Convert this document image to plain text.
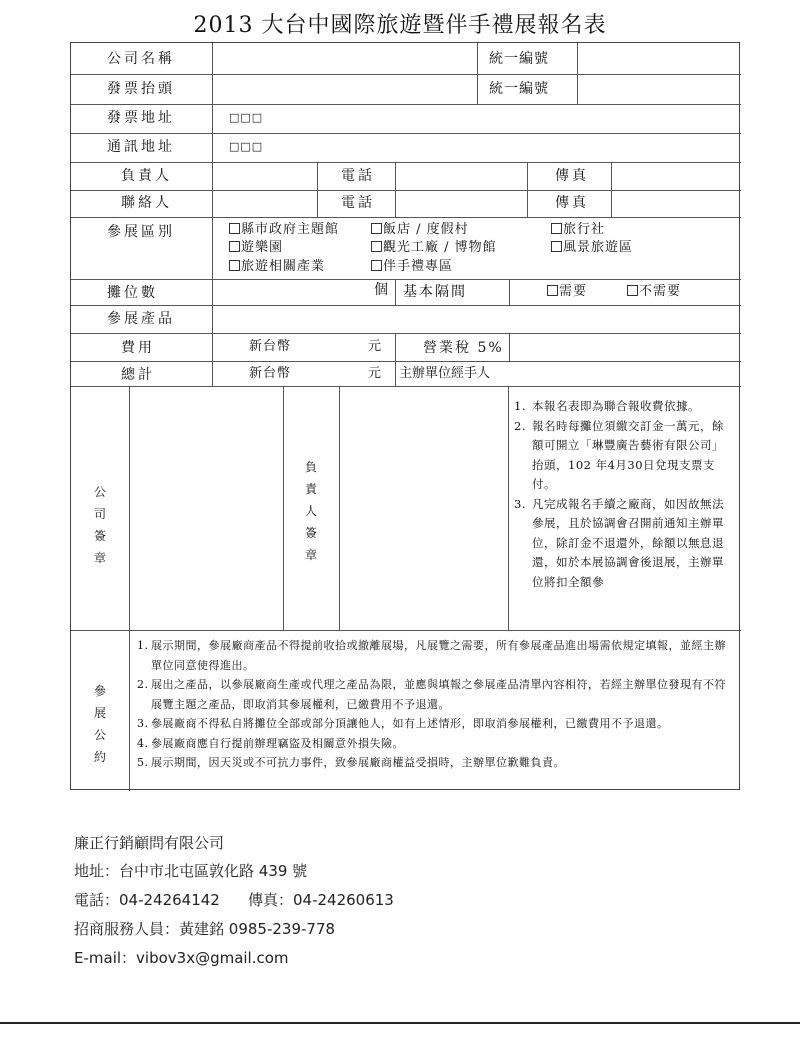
2013 大台中國際旅遊暨伴手禮展報名表
公司名稱	統一編號
發票抬頭	統一編號
發票地址	□□□
通訊地址	□□□
負責人	電話	傳真
聯絡人	電話	傳真
參展區別	縣市政府主題館	飯店 / 度假村	旅行社
遊樂園	觀光工廠 / 博物館	風景旅遊區
旅遊相關產業	伴手禮專區
攤位數	個 基本隔間	需要	不需要
參展產品
費用	新台幣	元	營業稅 5%
總計	新台幣	元 主辦單位經手人
公司簽章
負責人簽章
1. 本報名表即為聯合報收費依據。
2. 報名時每攤位須繳交訂金一萬元，餘額可開立「琳豐廣告藝術有限公司」抬頭，102 年4月30日兌現支票支付。
3. 凡完成報名手續之廠商，如因故無法參展，且於協調會召開前通知主辦單位，除訂金不退還外，餘額以無息退還，如於本展協調會後退展，主辦單位將扣全額參
參展公約
1. 展示期間，參展廠商產品不得提前收拾或撤離展場，凡展覽之需要，所有參展產品進出場需依規定填報，並經主辦單位同意使得進出。
2. 展出之產品，以參展廠商生產或代理之產品為限，並應與填報之參展產品清單內容相符，若經主辦單位發現有不符展覽主題之產品，即取消其參展權利，已繳費用不予退還。
3. 參展廠商不得私自將攤位全部或部分頂讓他人，如有上述情形，即取消參展權利，已繳費用不予退還。
4. 參展廠商應自行提前辦理竊盜及相關意外損失險。
5. 展示期間，因天災或不可抗力事件，致參展廠商權益受損時，主辦單位歉難負責。
廉正行銷顧問有限公司
地址：台中市北屯區敦化路 439 號
電話：04-24264142 傳真：04-24260613
招商服務人員：黃建銘 0985-239-778
E-mail：vibov3x@gmail.com
